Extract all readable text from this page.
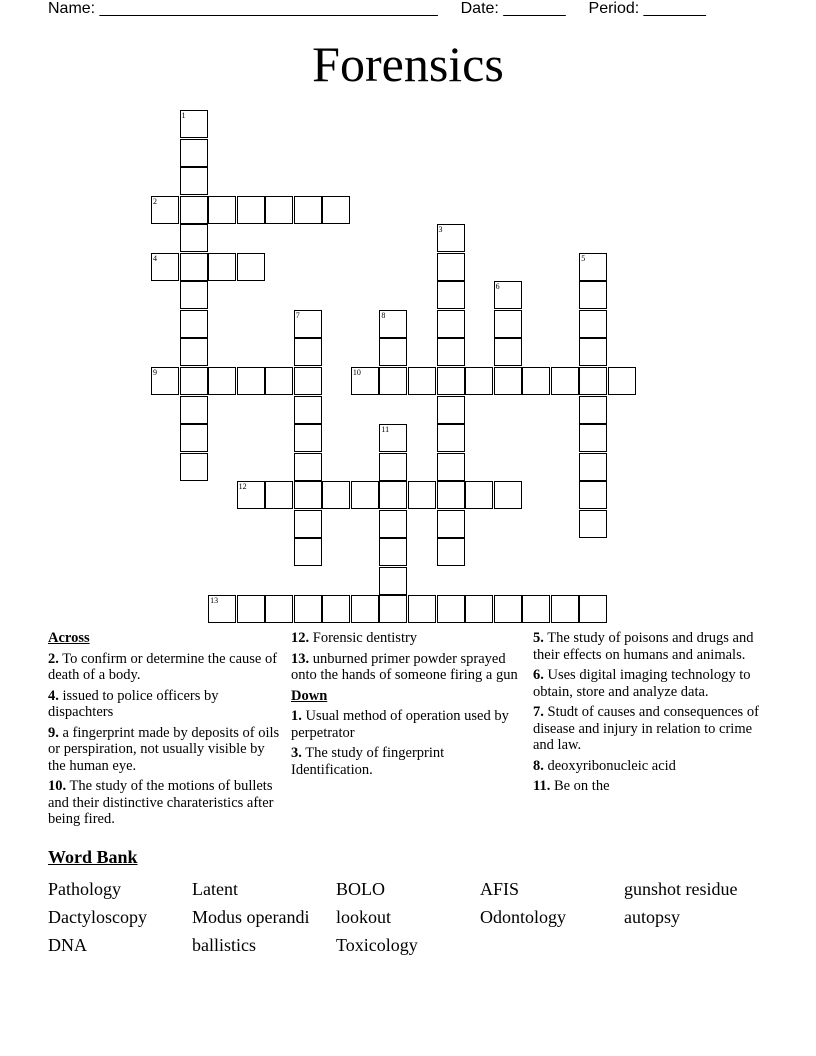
Name: ______________________________________ Date: _______ Period: _______
Forensics
1
2
3
4	5
6
7	8
9	10
11
12
13
Across
2. To confirm or determine the cause of death of a body.
4. issued to police officers by dispachters
9. a fingerprint made by deposits of oils or perspiration, not usually visible by the human eye.
10. The study of the motions of bullets and their distinctive charateristics after being fired.
12. Forensic dentistry
13. unburned primer powder sprayed onto the hands of someone firing a gun
Down
1. Usual method of operation used by perpetrator
3. The study of fingerprint Identification.
5. The study of poisons and drugs and their effects on humans and animals.
6. Uses digital imaging technology to obtain, store and analyze data.
7. Studt of causes and consequences of disease and injury in relation to crime and law.
8. deoxyribonucleic acid
11. Be on the
Word Bank
Pathology	Latent	BOLO	AFIS	gunshot residue
Dactyloscopy	Modus operandi	lookout	Odontology	autopsy
DNA	ballistics	Toxicology
